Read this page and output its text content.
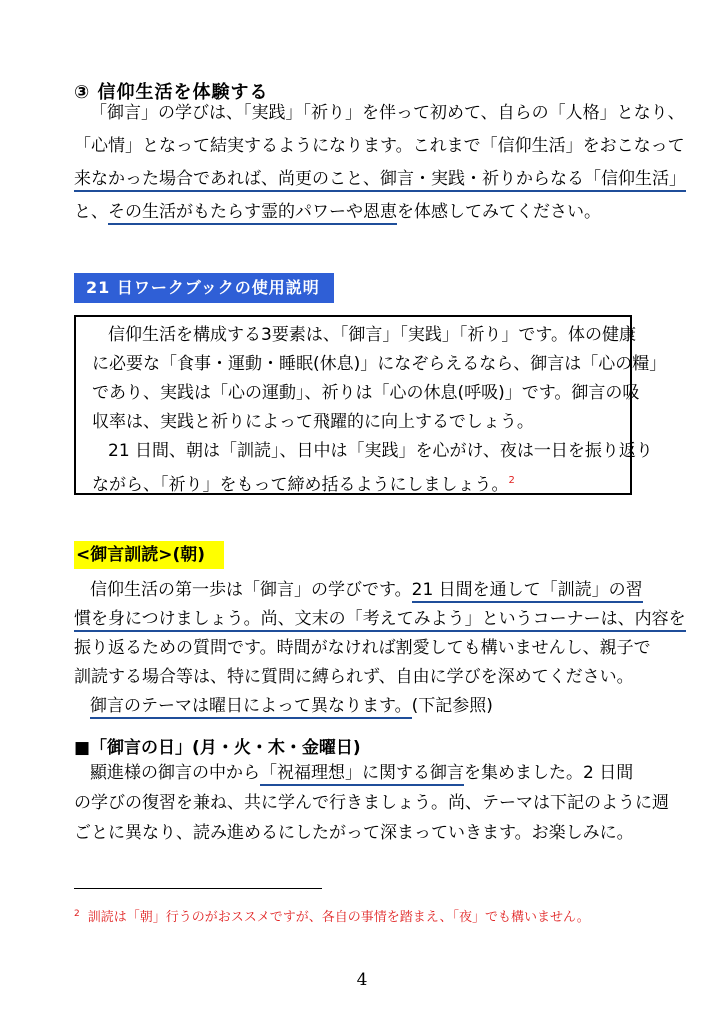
③ 信仰生活を体験する
「御言」の学びは、「実践」「祈り」を伴って初めて、自らの「人格」となり、
「心情」となって結実するようになります。これまで「信仰生活」をおこなって
来なかった場合であれば、尚更のこと、御言・実践・祈りからなる「信仰生活」
と、その生活がもたらす霊的パワーや恩恵を体感してみてください。
21 日ワークブックの使用説明
信仰生活を構成する3要素は、「御言」「実践」「祈り」です。体の健康
に必要な「食事・運動・睡眠(休息)」になぞらえるなら、御言は「心の糧」
であり、実践は「心の運動」、祈りは「心の休息(呼吸)」です。御言の吸
収率は、実践と祈りによって飛躍的に向上するでしょう。
21 日間、朝は「訓読」、日中は「実践」を心がけ、夜は一日を振り返り
ながら、「祈り」をもって締め括るようにしましょう。$^2$
<御言訓読>(朝)
信仰生活の第一歩は「御言」の学びです。21 日間を通して「訓読」の習
慣を身につけましょう。尚、文末の「考えてみよう」というコーナーは、内容を
振り返るための質問です。時間がなければ割愛しても構いませんし、親子で
訓読する場合等は、特に質問に縛られず、自由に学びを深めてください。
御言のテーマは曜日によって異なります。(下記参照)
■「御言の日」(月・火・木・金曜日)
顯進様の御言の中から「祝福理想」に関する御言を集めました。2 日間
の学びの復習を兼ね、共に学んで行きましょう。尚、テーマは下記のように週
ごとに異なり、読み進めるにしたがって深まっていきます。お楽しみに。
$^2$ 訓読は「朝」行うのがおススメですが、各自の事情を踏まえ、「夜」でも構いません。
4
